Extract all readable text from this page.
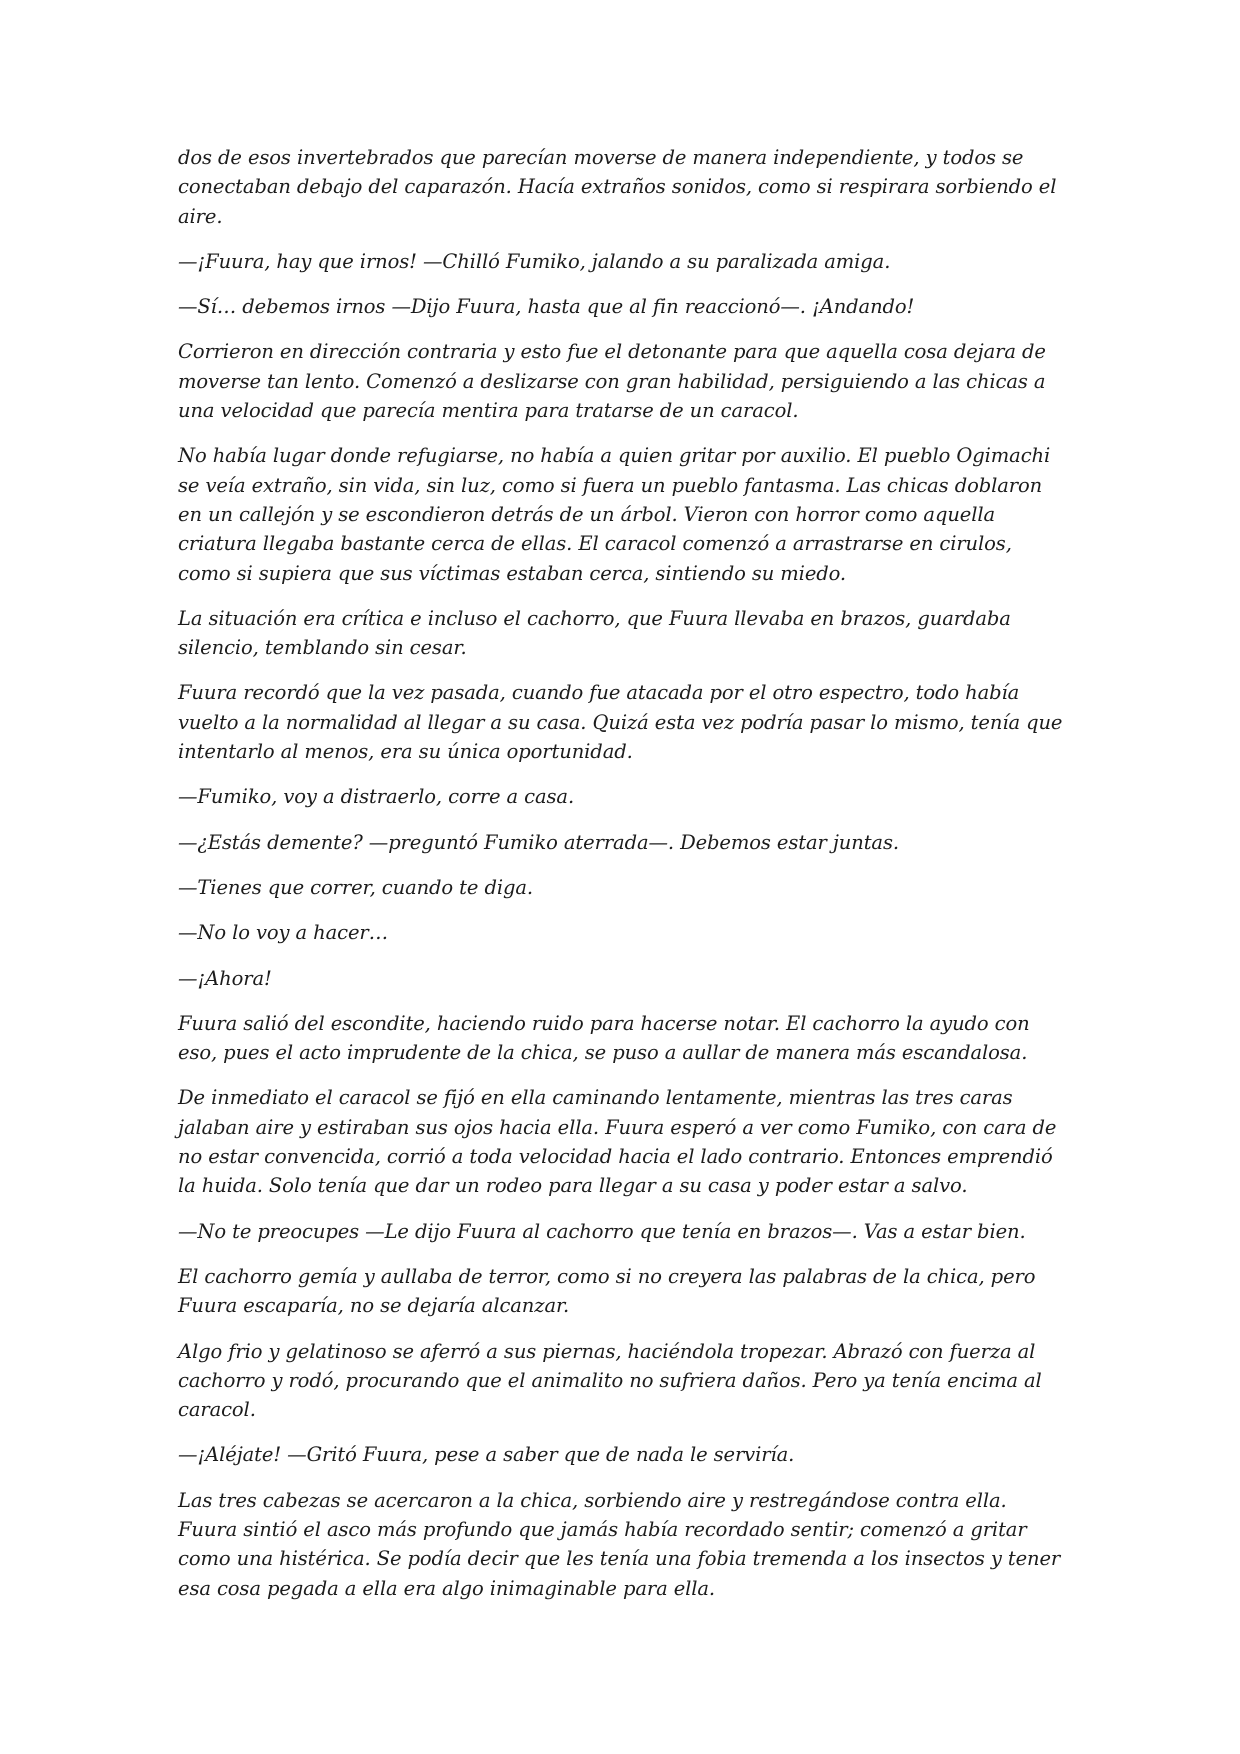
dos de esos invertebrados que parecían moverse de manera independiente, y todos se conectaban debajo del caparazón. Hacía extraños sonidos, como si respirara sorbiendo el aire.

—¡Fuura, hay que irnos! —Chilló Fumiko, jalando a su paralizada amiga.

—Sí… debemos irnos —Dijo Fuura, hasta que al fin reaccionó—. ¡Andando!

Corrieron en dirección contraria y esto fue el detonante para que aquella cosa dejara de moverse tan lento. Comenzó a deslizarse con gran habilidad, persiguiendo a las chicas a una velocidad que parecía mentira para tratarse de un caracol.

No había lugar donde refugiarse, no había a quien gritar por auxilio. El pueblo Ogimachi se veía extraño, sin vida, sin luz, como si fuera un pueblo fantasma. Las chicas doblaron en un callejón y se escondieron detrás de un árbol. Vieron con horror como aquella criatura llegaba bastante cerca de ellas. El caracol comenzó a arrastrarse en cirulos, como si supiera que sus víctimas estaban cerca, sintiendo su miedo.

La situación era crítica e incluso el cachorro, que Fuura llevaba en brazos, guardaba silencio, temblando sin cesar.

Fuura recordó que la vez pasada, cuando fue atacada por el otro espectro, todo había vuelto a la normalidad al llegar a su casa. Quizá esta vez podría pasar lo mismo, tenía que intentarlo al menos, era su única oportunidad.

—Fumiko, voy a distraerlo, corre a casa.

—¿Estás demente? —preguntó Fumiko aterrada—. Debemos estar juntas.

—Tienes que correr, cuando te diga.

—No lo voy a hacer…

—¡Ahora!

Fuura salió del escondite, haciendo ruido para hacerse notar. El cachorro la ayudo con eso, pues el acto imprudente de la chica, se puso a aullar de manera más escandalosa.

De inmediato el caracol se fijó en ella caminando lentamente, mientras las tres caras jalaban aire y estiraban sus ojos hacia ella. Fuura esperó a ver como Fumiko, con cara de no estar convencida, corrió a toda velocidad hacia el lado contrario. Entonces emprendió la huida. Solo tenía que dar un rodeo para llegar a su casa y poder estar a salvo.

—No te preocupes —Le dijo Fuura al cachorro que tenía en brazos—. Vas a estar bien.

El cachorro gemía y aullaba de terror, como si no creyera las palabras de la chica, pero Fuura escaparía, no se dejaría alcanzar.

Algo frio y gelatinoso se aferró a sus piernas, haciéndola tropezar. Abrazó con fuerza al cachorro y rodó, procurando que el animalito no sufriera daños. Pero ya tenía encima al caracol.

—¡Aléjate! —Gritó Fuura, pese a saber que de nada le serviría.

Las tres cabezas se acercaron a la chica, sorbiendo aire y restregándose contra ella. Fuura sintió el asco más profundo que jamás había recordado sentir; comenzó a gritar como una histérica. Se podía decir que les tenía una fobia tremenda a los insectos y tener esa cosa pegada a ella era algo inimaginable para ella.
